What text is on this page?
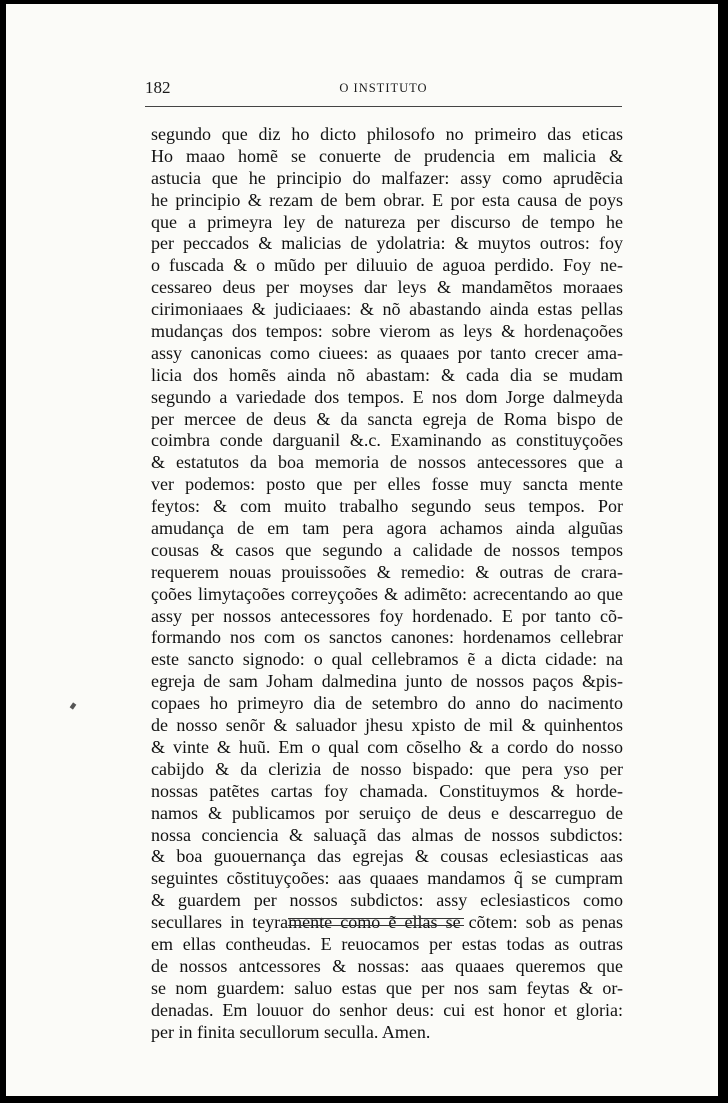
182	O INSTITUTO
segundo que diz ho dicto philosofo no primeiro das eticas
Ho maao homẽ se conuerte de prudencia em malicia &
astucia que he principio do malfazer: assy como aprudẽcia
he principio & rezam de bem obrar. E por esta causa de poys
que a primeyra ley de natureza per discurso de tempo he
per peccados & malicias de ydolatria: & muytos outros: foy
o fuscada & o mũdo per diluuio de aguoa perdido. Foy ne-
cessareo deus per moyses dar leys & mandamẽtos moraaes
cirimoniaaes & judiciaaes: & nõ abastando ainda estas pellas
mudanças dos tempos: sobre vierom as leys & hordenaçoões
assy canonicas como ciuees: as quaaes por tanto crecer ama-
licia dos homẽs ainda nõ abastam: & cada dia se mudam
segundo a variedade dos tempos. E nos dom Jorge dalmeyda
per mercee de deus & da sancta egreja de Roma bispo de
coimbra conde darguanil &.c. Examinando as constituyçoões
& estatutos da boa memoria de nossos antecessores que a
ver podemos: posto que per elles fosse muy sancta mente
feytos: & com muito trabalho segundo seus tempos. Por
amudança de em tam pera agora achamos ainda alguũas
cousas & casos que segundo a calidade de nossos tempos
requerem nouas prouissoões & remedio: & outras de crara-
çoões limytaçoões correyçoões & adimẽto: acrecentando ao que
assy per nossos antecessores foy hordenado. E por tanto cõ-
formando nos com os sanctos canones: hordenamos cellebrar
este sancto signodo: o qual cellebramos ẽ a dicta cidade: na
egreja de sam Joham dalmedina junto de nossos paços &pis-
copaes ho primeyro dia de setembro do anno do nacimento
de nosso senõr & saluador jhesu xpisto de mil & quinhentos
& vinte & huũ. Em o qual com cõselho & a cordo do nosso
cabijdo & da clerizia de nosso bispado: que pera yso per
nossas patẽtes cartas foy chamada. Constituymos & horde-
namos & publicamos por seruiço de deus e descarreguo de
nossa conciencia & saluaçã das almas de nossos subdictos:
& boa guouernança das egrejas & cousas eclesiasticas aas
seguintes cõstituyçoões: aas quaaes mandamos q̃ se cumpram
& guardem per nossos subdictos: assy eclesiasticos como
secullares in teyramente como ẽ ellas se cõtem: sob as penas
em ellas contheudas. E reuocamos per estas todas as outras
de nossos antcessores & nossas: aas quaaes queremos que
se nom guardem: saluo estas que per nos sam feytas & or-
denadas. Em louuor do senhor deus: cui est honor et gloria:
per in finita secullorum seculla. Amen.
